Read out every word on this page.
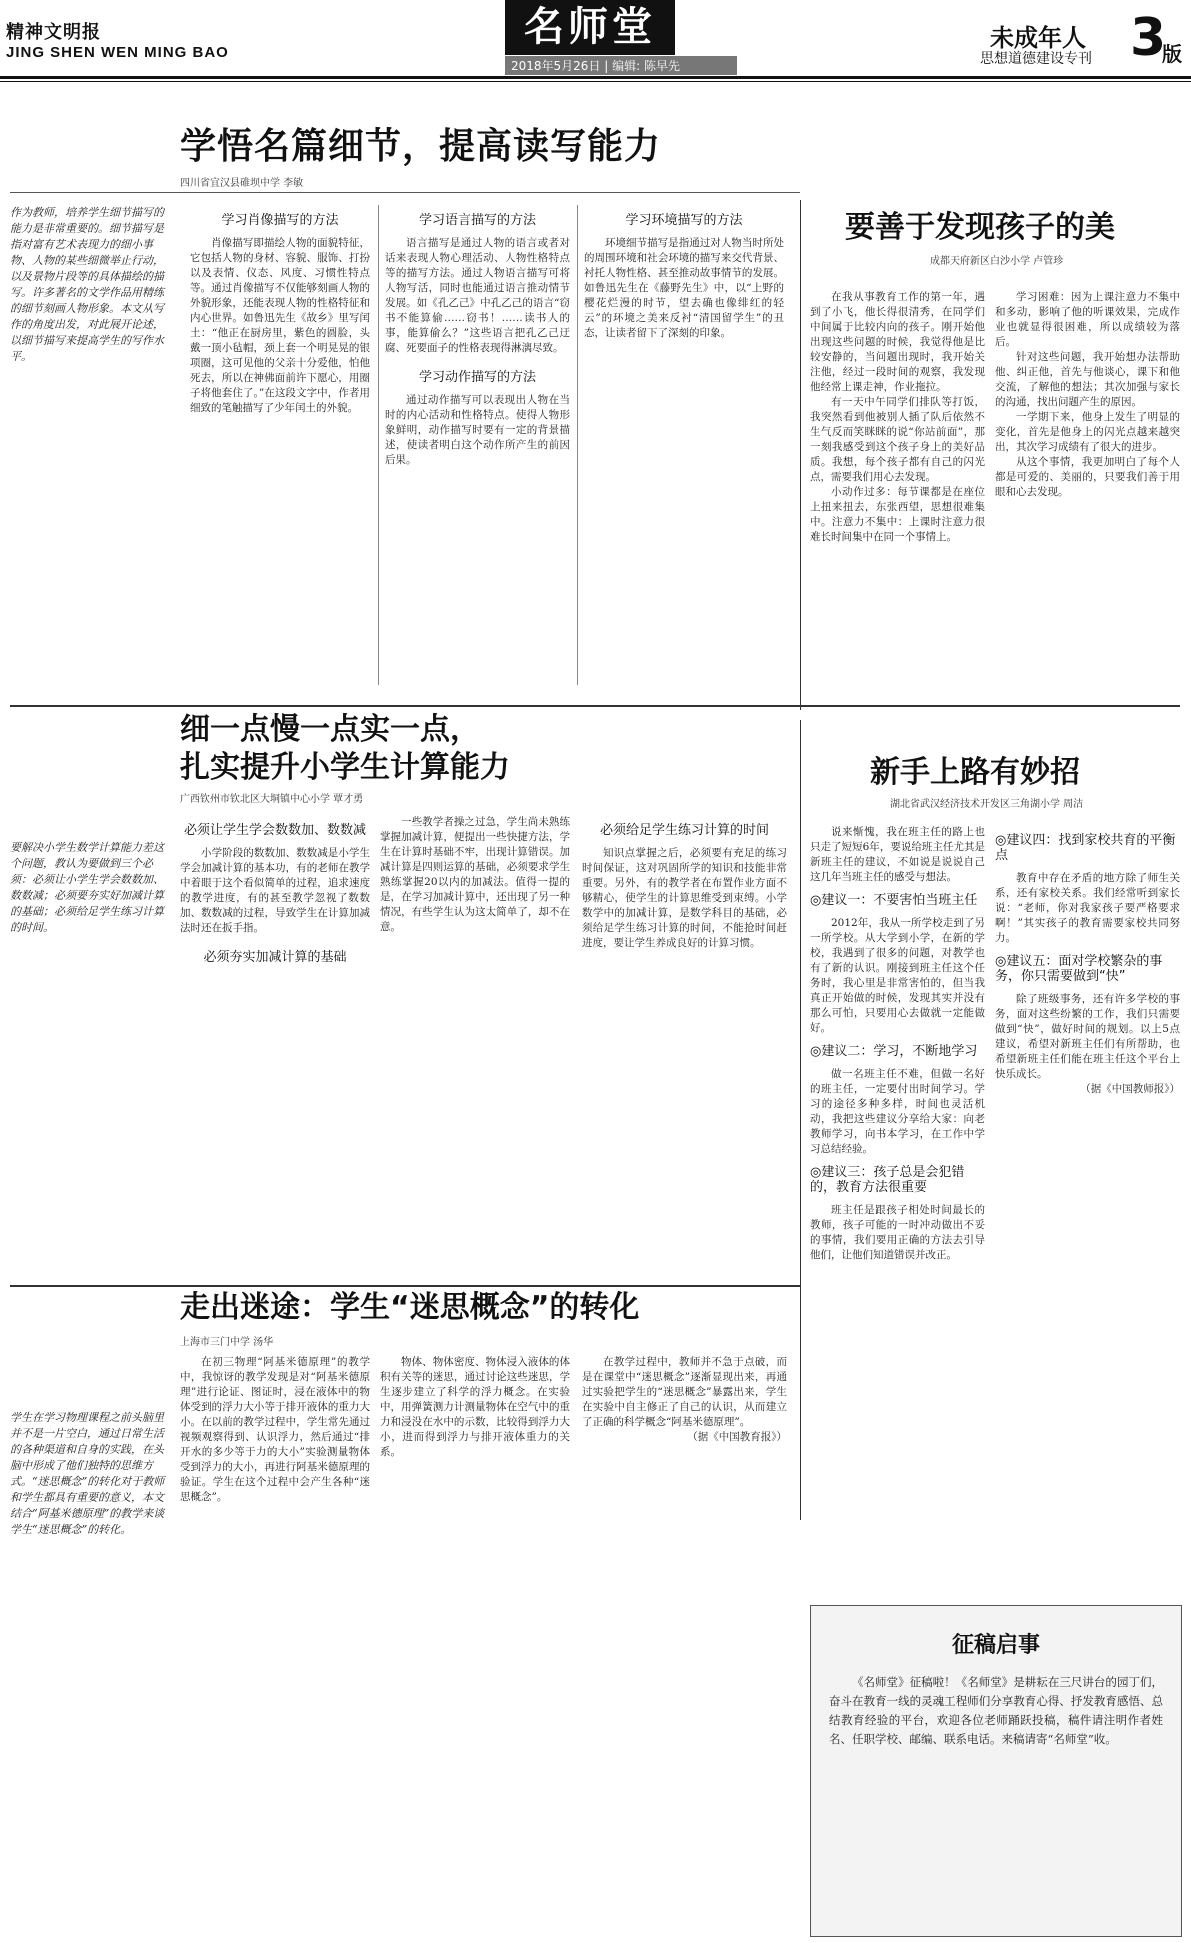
精神文明报
JING SHEN WEN MING BAO
名师堂
2018年5月26日 | 编辑: 陈早先
未成年人
思想道德建设专刊 3
版
学悟名篇细节，提高读写能力
四川省宜汉县碓坝中学 李敏
作为教师，培养学生细节描写的能力是非常重要的。细节描写是指对富有艺术表现力的细小事物、人物的某些细微举止行动，以及景物片段等的具体描绘的描写。许多著名的文学作品用精练的细节刻画人物形象。本文从写作的角度出发，对此展开论述，以细节描写来提高学生的写作水平。
学习肖像描写的方法

肖像描写即描绘人物的面貌特征，它包括人物的身材、容貌、服饰、打扮以及表情、仪态、风度、习惯性特点等。通过肖像描写不仅能够刻画人物的外貌形象，还能表现人物的性格特征和内心世界。如鲁迅先生《故乡》里写闰土：“他正在厨房里，紫色的圆脸，头戴一顶小毡帽，颈上套一个明晃晃的银项圈，这可见他的父亲十分爱他，怕他死去，所以在神佛面前许下愿心，用圈子将他套住了。”在这段文字中，作者用细致的笔触描写了少年闰土的外貌。

学习语言描写的方法

语言描写是通过人物的语言或者对话来表现人物心理活动、人物性格特点等的描写方法。通过人物语言描写可将人物写活，同时也能通过语言推动情节发展。如《孔乙己》中孔乙己的语言“窃书不能算偷……窃书！……读书人的事，能算偷么？”这些语言把孔乙己迂腐、死要面子的性格表现得淋漓尽致。

学习动作描写的方法

通过动作描写可以表现出人物在当时的内心活动和性格特点。使得人物形象鲜明，动作描写时要有一定的背景描述，使读者明白这个动作所产生的前因后果。

学习环境描写的方法

环境细节描写是指通过对人物当时所处的周围环境和社会环境的描写来交代背景、衬托人物性格、甚至推动故事情节的发展。如鲁迅先生在《藤野先生》中，以“上野的樱花烂漫的时节，望去确也像绯红的轻云”的环境之美来反衬“清国留学生”的丑态，让读者留下了深刻的印象。

要善于发现孩子的美
成都天府新区白沙小学 卢管珍

在我从事教育工作的第一年，遇到了小飞，他长得很清秀，在同学们中间属于比较内向的孩子。刚开始他出现这些问题的时候，我觉得他是比较安静的，当问题出现时，我开始关注他，经过一段时间的观察，我发现他经常上课走神，作业拖拉。

有一天中午同学们排队等打饭，我突然看到他被别人插了队后依然不生气反而笑眯眯的说“你站前面”，那一刻我感受到这个孩子身上的美好品质。我想，每个孩子都有自己的闪光点，需要我们用心去发现。

小动作过多：每节课都是在座位上扭来扭去，东张西望，思想很难集中。注意力不集中：上课时注意力很难长时间集中在同一个事情上。

学习困难：因为上课注意力不集中和多动，影响了他的听课效果，完成作业也就显得很困难，所以成绩较为落后。

针对这些问题，我开始想办法帮助他、纠正他，首先与他谈心，课下和他交流，了解他的想法；其次加强与家长的沟通，找出问题产生的原因。

一学期下来，他身上发生了明显的变化，首先是他身上的闪光点越来越突出，其次学习成绩有了很大的进步。

从这个事情，我更加明白了每个人都是可爱的、美丽的，只要我们善于用眼和心去发现。

细一点慢一点实一点，
扎实提升小学生计算能力
广西钦州市钦北区大垌镇中心小学 覃才勇
要解决小学生数学计算能力差这个问题，教认为要做到三个必须：必须让小学生学会数数加、数数减；必须要夯实好加减计算的基础；必须给足学生练习计算的时间。
必须让学生学会数数加、数数减

小学阶段的数数加、数数减是小学生学会加减计算的基本功，有的老师在教学中着眼于这个看似简单的过程，追求速度的教学进度，有的甚至教学忽视了数数加、数数减的过程，导致学生在计算加减法时还在扳手指。

必须夯实加减计算的基础

一些教学者操之过急，学生尚未熟练掌握加减计算，便提出一些快捷方法，学生在计算时基础不牢，出现计算错误。加减计算是四则运算的基础，必须要求学生熟练掌握20以内的加减法。值得一提的是，在学习加减计算中，还出现了另一种情况，有些学生认为这太简单了，却不在意。

必须给足学生练习计算的时间

知识点掌握之后，必须要有充足的练习时间保证，这对巩固所学的知识和技能非常重要。另外，有的教学者在布置作业方面不够精心，使学生的计算思维受到束缚。小学数学中的加减计算，是数学科目的基础，必须给足学生练习计算的时间，不能抢时间赶进度，要让学生养成良好的计算习惯。

新手上路有妙招
湖北省武汉经济技术开发区三角湖小学 周洁

说来惭愧，我在班主任的路上也只走了短短6年，要说给班主任尤其是新班主任的建议，不如说是说说自己这几年当班主任的感受与想法。

◎建议一：不要害怕当班主任

2012年，我从一所学校走到了另一所学校。从大学到小学，在新的学校，我遇到了很多的问题，对教学也有了新的认识。刚接到班主任这个任务时，我心里是非常害怕的，但当我真正开始做的时候，发现其实并没有那么可怕，只要用心去做就一定能做好。

◎建议二：学习，不断地学习

做一名班主任不难，但做一名好的班主任，一定要付出时间学习。学习的途径多种多样，时间也灵活机动，我把这些建议分享给大家：向老教师学习，向书本学习，在工作中学习总结经验。

◎建议三：孩子总是会犯错的，教育方法很重要

班主任是跟孩子相处时间最长的教师，孩子可能的一时冲动做出不妥的事情，我们要用正确的方法去引导他们，让他们知道错误并改正。

◎建议四：找到家校共育的平衡点

教育中存在矛盾的地方除了师生关系，还有家校关系。我们经常听到家长说：“老师，你对我家孩子要严格要求啊！”其实孩子的教育需要家校共同努力。

◎建议五：面对学校繁杂的事务，你只需要做到“快”

除了班级事务，还有许多学校的事务，面对这些纷繁的工作，我们只需要做到“快”，做好时间的规划。以上5点建议，希望对新班主任们有所帮助，也希望新班主任们能在班主任这个平台上快乐成长。

（据《中国教师报》）

走出迷途：学生“迷思概念”的转化
上海市三门中学 汤华
学生在学习物理课程之前头脑里并不是一片空白，通过日常生活的各种渠道和自身的实践，在头脑中形成了他们独特的思维方式。“迷思概念”的转化对于教师和学生都具有重要的意义，本文结合“阿基米德原理”的教学来谈学生“迷思概念”的转化。

在初三物理“阿基米德原理”的教学中，我惊讶的教学发现是对“阿基米德原理”进行论证、图证时，浸在液体中的物体受到的浮力大小等于排开液体的重力大小。在以前的教学过程中，学生常先通过视频观察得到、认识浮力，然后通过“排开水的多少等于力的大小”实验测量物体受到浮力的大小，再进行阿基米德原理的验证。学生在这个过程中会产生各种“迷思概念”。

物体、物体密度、物体浸入液体的体积有关等的迷思，通过讨论这些迷思，学生逐步建立了科学的浮力概念。在实验中，用弹簧测力计测量物体在空气中的重力和浸没在水中的示数，比较得到浮力大小，进而得到浮力与排开液体重力的关系。

在教学过程中，教师并不急于点破，而是在课堂中“迷思概念”逐渐显现出来，再通过实验把学生的“迷思概念”暴露出来，学生在实验中自主修正了自己的认识，从而建立了正确的科学概念“阿基米德原理”。

（据《中国教育报》）

征稿启事

《名师堂》征稿啦！《名师堂》是耕耘在三尺讲台的园丁们，奋斗在教育一线的灵魂工程师们分享教育心得、抒发教育感悟、总结教育经验的平台，欢迎各位老师踊跃投稿，稿件请注明作者姓名、任职学校、邮编、联系电话。来稿请寄“名师堂”收。
